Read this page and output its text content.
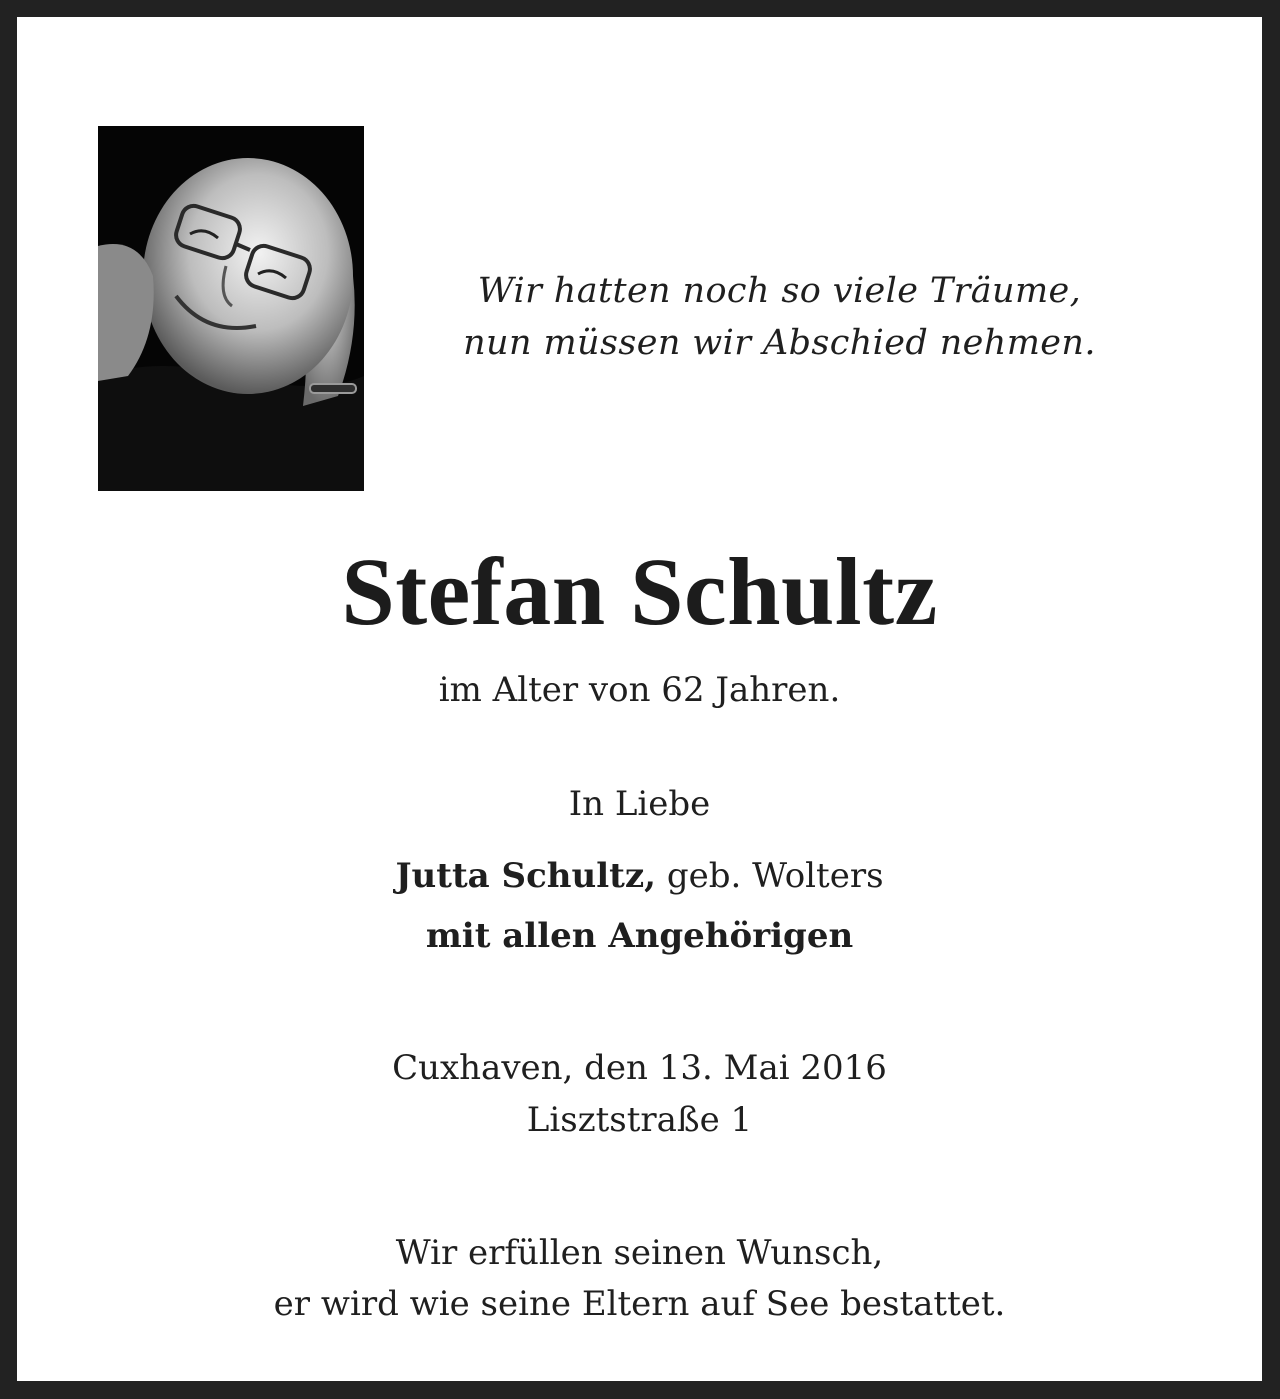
Wir hatten noch so viele Träume,
nun müssen wir Abschied nehmen.
Stefan Schultz
im Alter von 62 Jahren.
In Liebe
Jutta Schultz, geb. Wolters
mit allen Angehörigen
Cuxhaven, den 13. Mai 2016
Lisztstraße 1
Wir erfüllen seinen Wunsch,
er wird wie seine Eltern auf See bestattet.
